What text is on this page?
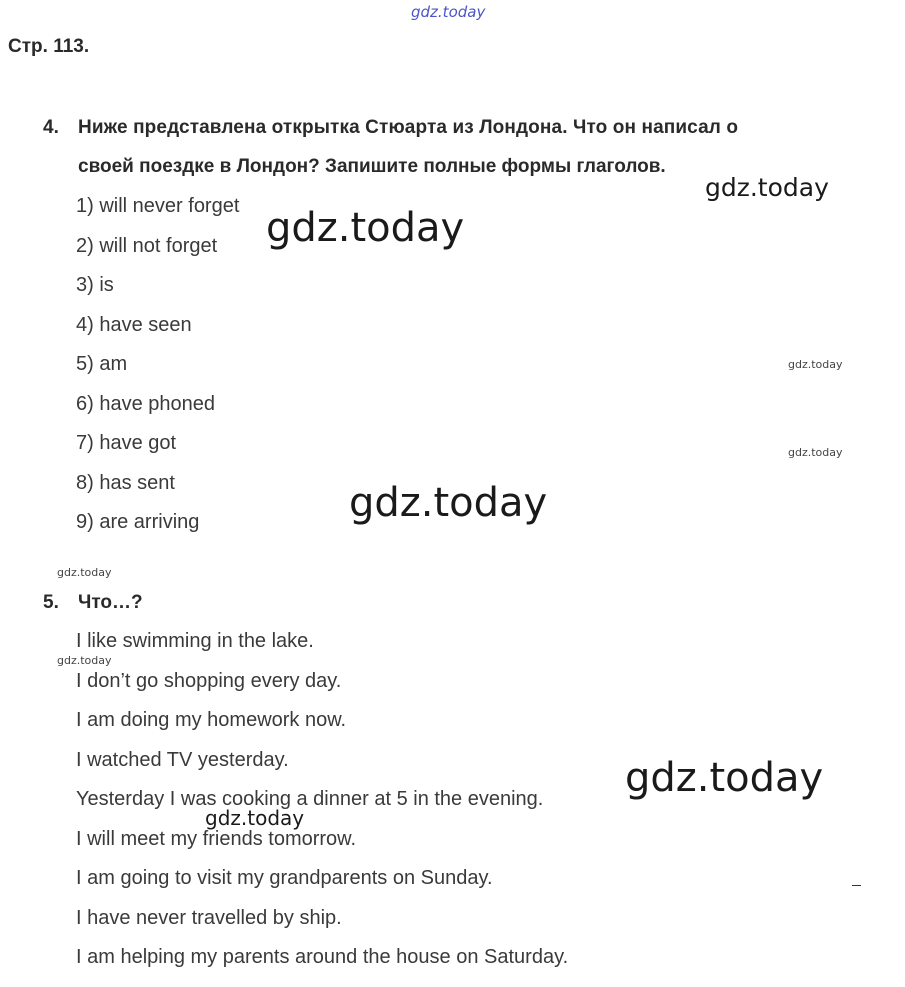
gdz.today
Стр. 113.
4. Ниже представлена открытка Стюарта из Лондона. Что он написал о
своей поездке в Лондон? Запишите полные формы глаголов.
1) will never forget
2) will not forget
3) is
4) have seen
5) am
6) have phoned
7) have got
8) has sent
9) are arriving
5. Что…?
I like swimming in the lake.
I don’t go shopping every day.
I am doing my homework now.
I watched TV yesterday.
Yesterday I was cooking a dinner at 5 in the evening.
I will meet my friends tomorrow.
I am going to visit my grandparents on Sunday.
I have never travelled by ship.
I am helping my parents around the house on Saturday.
gdz.today
gdz.today
gdz.today
gdz.today
gdz.today
gdz.today
gdz.today
gdz.today
gdz.today
